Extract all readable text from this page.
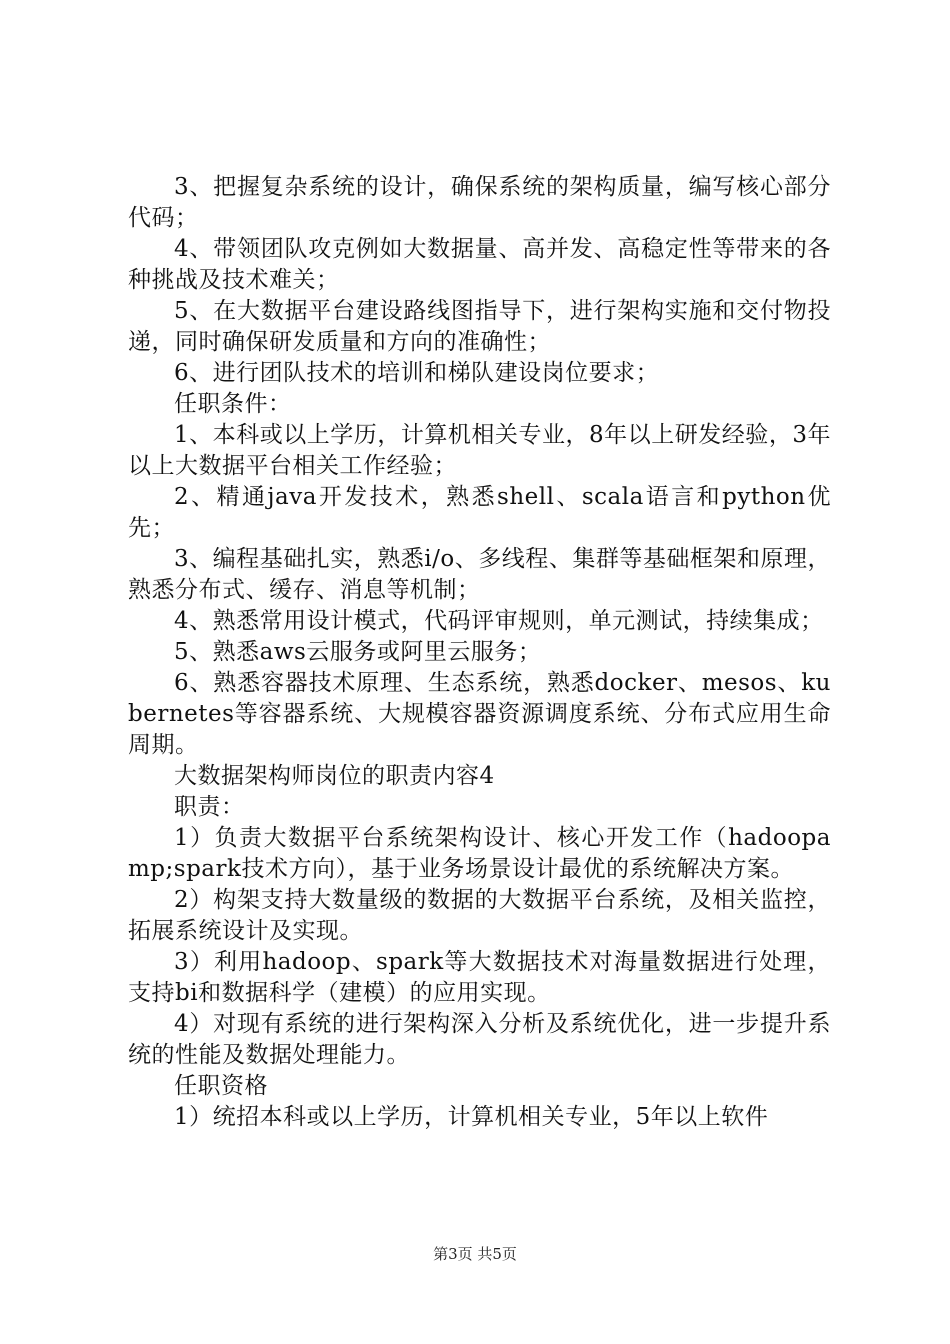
3、把握复杂系统的设计，确保系统的架构质量，编写核心部分代码；

4、带领团队攻克例如大数据量、高并发、高稳定性等带来的各种挑战及技术难关；

5、在大数据平台建设路线图指导下，进行架构实施和交付物投递，同时确保研发质量和方向的准确性；

6、进行团队技术的培训和梯队建设岗位要求；

任职条件：

1、本科或以上学历，计算机相关专业，8年以上研发经验，3年以上大数据平台相关工作经验；

2、精通java开发技术，熟悉shell、scala语言和python优先；

3、编程基础扎实，熟悉i/o、多线程、集群等基础框架和原理，熟悉分布式、缓存、消息等机制；

4、熟悉常用设计模式，代码评审规则，单元测试，持续集成；

5、熟悉aws云服务或阿里云服务；

6、熟悉容器技术原理、生态系统，熟悉docker、mesos、kubernetes等容器系统、大规模容器资源调度系统、分布式应用生命周期。

大数据架构师岗位的职责内容4

职责：

1）负责大数据平台系统架构设计、核心开发工作（hadoopamp;spark技术方向），基于业务场景设计最优的系统解决方案。

2）构架支持大数量级的数据的大数据平台系统，及相关监控，拓展系统设计及实现。

3）利用hadoop、spark等大数据技术对海量数据进行处理，支持bi和数据科学（建模）的应用实现。

4）对现有系统的进行架构深入分析及系统优化，进一步提升系统的性能及数据处理能力。

任职资格

1）统招本科或以上学历，计算机相关专业，5年以上软件

第3页 共5页
